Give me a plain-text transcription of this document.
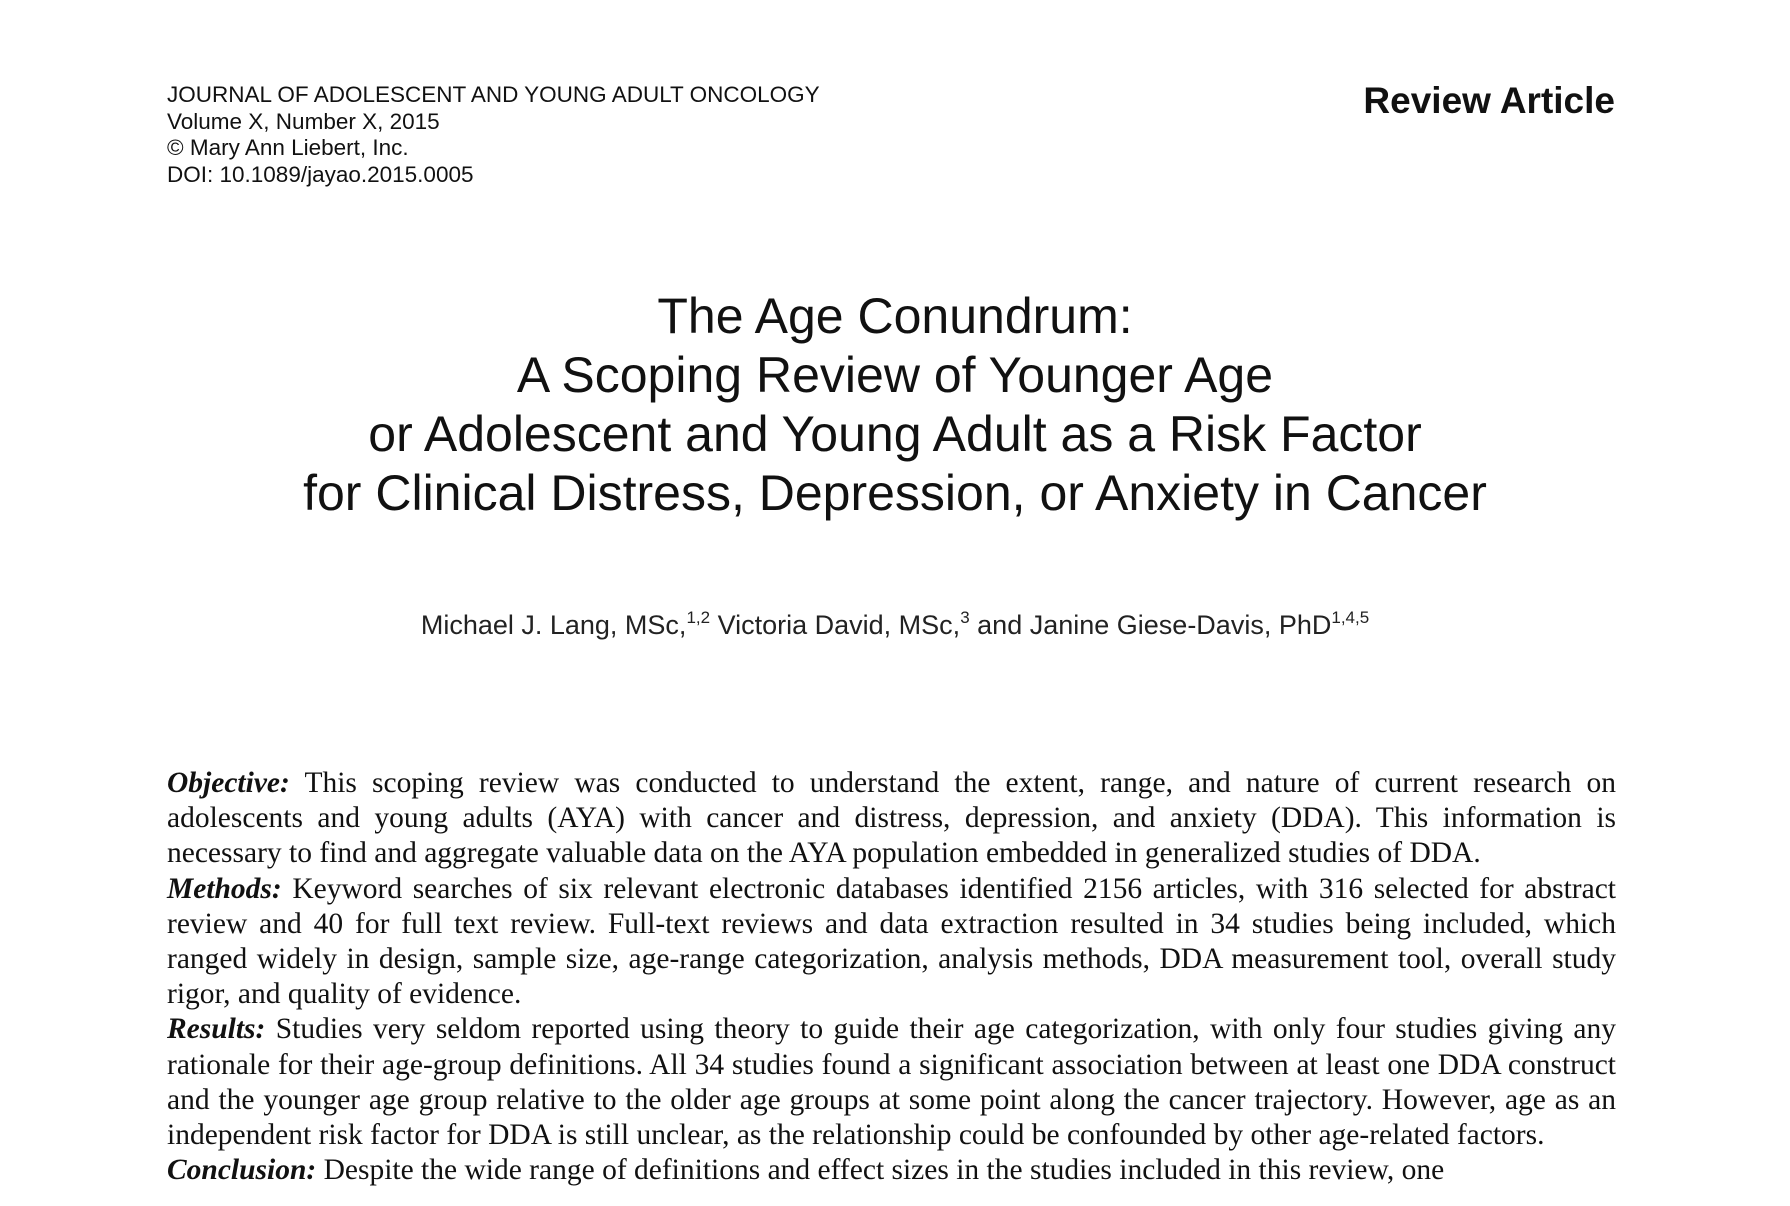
JOURNAL OF ADOLESCENT AND YOUNG ADULT ONCOLOGY
Volume X, Number X, 2015
© Mary Ann Liebert, Inc.
DOI: 10.1089/jayao.2015.0005
Review Article
The Age Conundrum:
A Scoping Review of Younger Age
or Adolescent and Young Adult as a Risk Factor
for Clinical Distress, Depression, or Anxiety in Cancer
Michael J. Lang, MSc,$^{1,2}$ Victoria David, MSc,$^3$ and Janine Giese-Davis, PhD$^{1,4,5}$

Objective: This scoping review was conducted to understand the extent, range, and nature of current research on adolescents and young adults (AYA) with cancer and distress, depression, and anxiety (DDA). This information is necessary to find and aggregate valuable data on the AYA population embedded in generalized studies of DDA.

Methods: Keyword searches of six relevant electronic databases identified 2156 articles, with 316 selected for abstract review and 40 for full text review. Full-text reviews and data extraction resulted in 34 studies being included, which ranged widely in design, sample size, age-range categorization, analysis methods, DDA measurement tool, overall study rigor, and quality of evidence.

Results: Studies very seldom reported using theory to guide their age categorization, with only four studies giving any rationale for their age-group definitions. All 34 studies found a significant association between at least one DDA construct and the younger age group relative to the older age groups at some point along the cancer trajectory. However, age as an independent risk factor for DDA is still unclear, as the relationship could be confounded by other age-related factors.

Conclusion: Despite the wide range of definitions and effect sizes in the studies included in this review, one
